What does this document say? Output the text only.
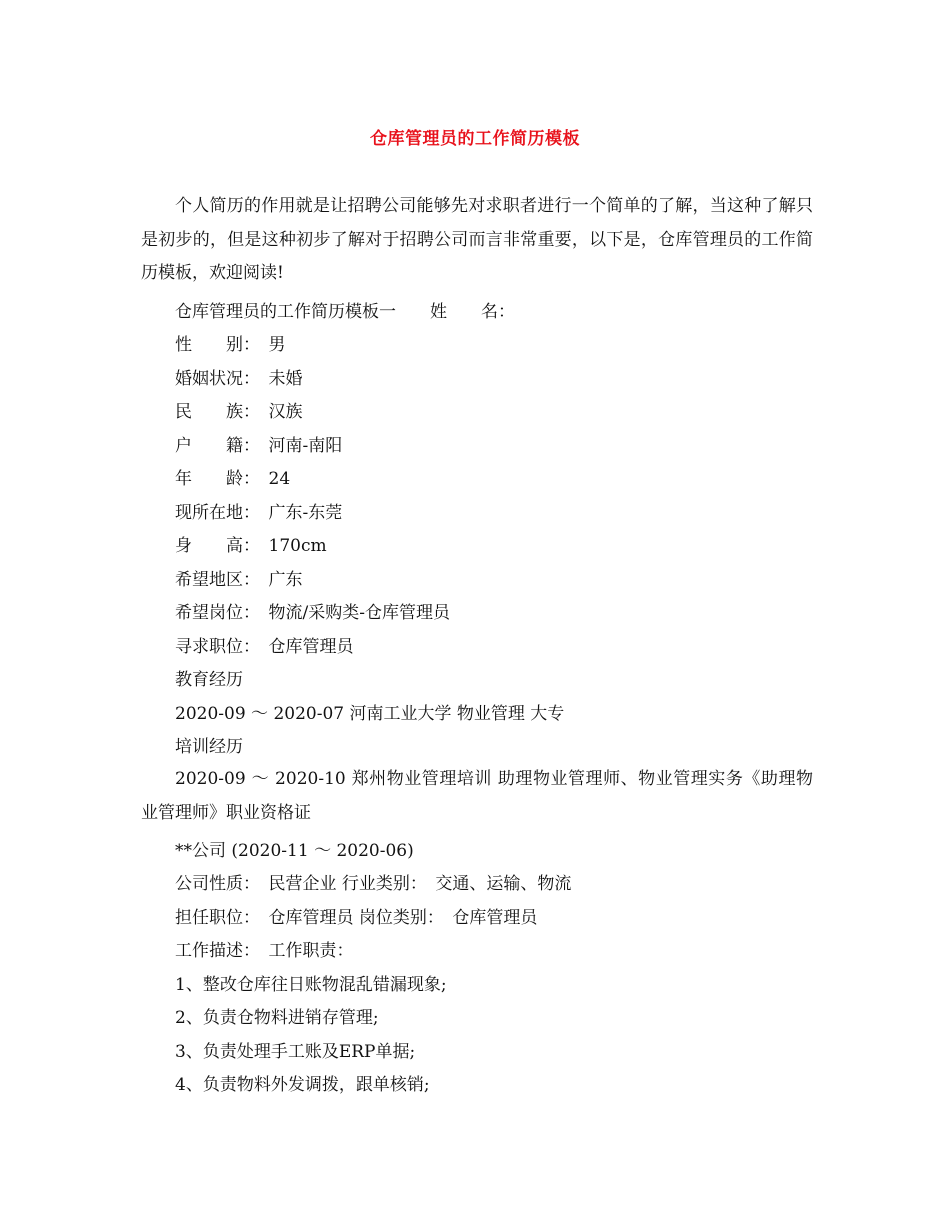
仓库管理员的工作简历模板
个人简历的作用就是让招聘公司能够先对求职者进行一个简单的了解，当这种了解只是初步的，但是这种初步了解对于招聘公司而言非常重要，以下是，仓库管理员的工作简历模板，欢迎阅读!
仓库管理员的工作简历模板一　　姓　　名：
性　　别：　男
婚姻状况：　未婚
民　　族：　汉族
户　　籍：　河南-南阳
年　　龄：　24
现所在地：　广东-东莞
身　　高：　170cm
希望地区：　广东
希望岗位：　物流/采购类-仓库管理员
寻求职位：　仓库管理员
教育经历
2020-09 ～ 2020-07 河南工业大学 物业管理 大专
培训经历
2020-09 ～ 2020-10 郑州物业管理培训 助理物业管理师、物业管理实务《助理物业管理师》职业资格证
**公司 (2020-11 ～ 2020-06)
公司性质：　民营企业 行业类别：　交通、运输、物流
担任职位：　仓库管理员 岗位类别：　仓库管理员
工作描述：　工作职责：
1、整改仓库往日账物混乱错漏现象;
2、负责仓物料进销存管理;
3、负责处理手工账及ERP单据;
4、负责物料外发调拨，跟单核销;
